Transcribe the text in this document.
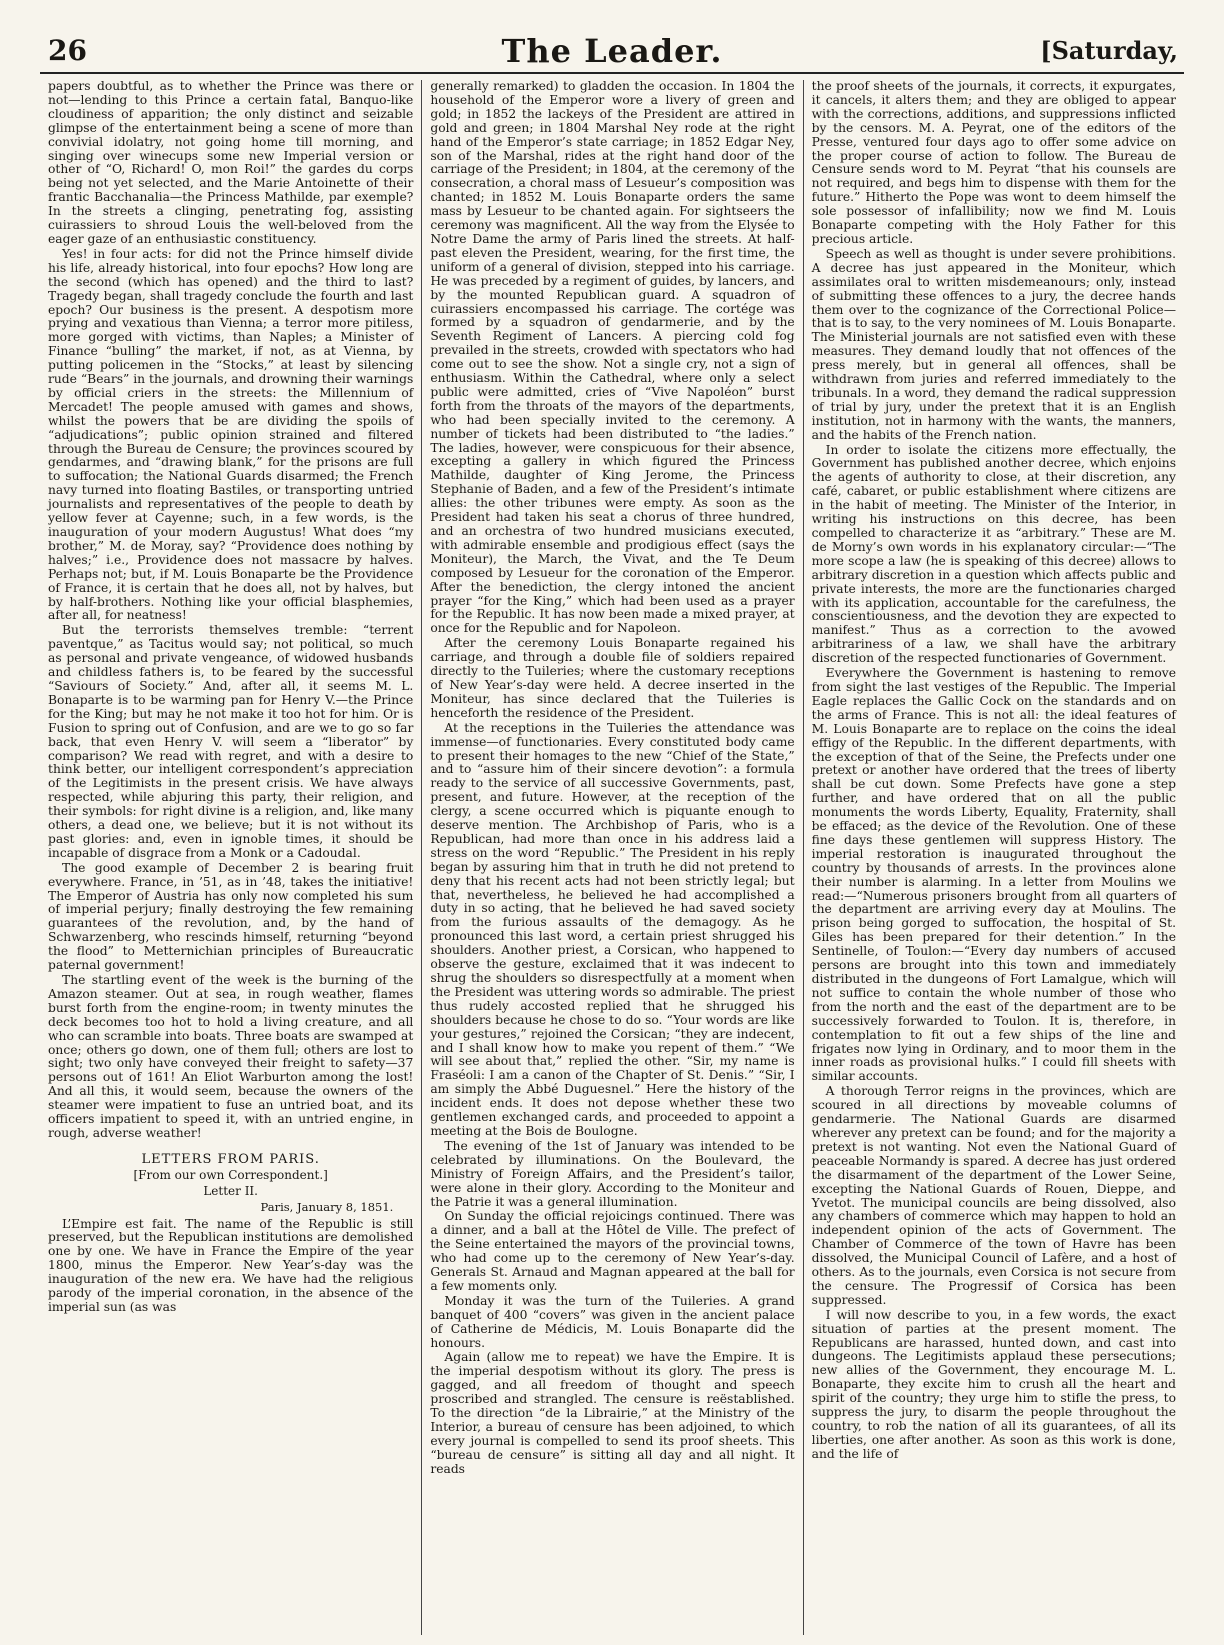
26	The Leader.	[Saturday,

papers doubtful, as to whether the Prince was there or not—lending to this Prince a certain fatal, Banquo-like cloudiness of apparition; the only distinct and seizable glimpse of the entertainment being a scene of more than convivial idolatry, not going home till morning, and singing over winecups some new Imperial version or other of “O, Richard! O, mon Roi!” the gardes du corps being not yet selected, and the Marie Antoinette of their frantic Bacchanalia—the Princess Mathilde, par exemple? In the streets a clinging, penetrating fog, assisting cuirassiers to shroud Louis the well-beloved from the eager gaze of an enthusiastic constituency.

Yes! in four acts: for did not the Prince himself divide his life, already historical, into four epochs? How long are the second (which has opened) and the third to last? Tragedy began, shall tragedy conclude the fourth and last epoch? Our business is the present. A despotism more prying and vexatious than Vienna; a terror more pitiless, more gorged with victims, than Naples; a Minister of Finance “bulling” the market, if not, as at Vienna, by putting policemen in the “Stocks,” at least by silencing rude “Bears” in the journals, and drowning their warnings by official criers in the streets: the Millennium of Mercadet! The people amused with games and shows, whilst the powers that be are dividing the spoils of “adjudications”; public opinion strained and filtered through the Bureau de Censure; the provinces scoured by gendarmes, and “drawing blank,” for the prisons are full to suffocation; the National Guards disarmed; the French navy turned into floating Bastiles, or transporting untried journalists and representatives of the people to death by yellow fever at Cayenne; such, in a few words, is the inauguration of your modern Augustus! What does “my brother,” M. de Moray, say? “Providence does nothing by halves;” i.e., Providence does not massacre by halves. Perhaps not; but, if M. Louis Bonaparte be the Providence of France, it is certain that he does all, not by halves, but by half-brothers. Nothing like your official blasphemies, after all, for neatness!

But the terrorists themselves tremble: “terrent paventque,” as Tacitus would say; not political, so much as personal and private vengeance, of widowed husbands and childless fathers is, to be feared by the successful “Saviours of Society.” And, after all, it seems M. L. Bonaparte is to be warming pan for Henry V.—the Prince for the King; but may he not make it too hot for him. Or is Fusion to spring out of Confusion, and are we to go so far back, that even Henry V. will seem a “liberator” by comparison? We read with regret, and with a desire to think better, our intelligent correspondent’s appreciation of the Legitimists in the present crisis. We have always respected, while abjuring this party, their religion, and their symbols: for right divine is a religion, and, like many others, a dead one, we believe; but it is not without its past glories: and, even in ignoble times, it should be incapable of disgrace from a Monk or a Cadoudal.

The good example of December 2 is bearing fruit everywhere. France, in ’51, as in ’48, takes the initiative! The Emperor of Austria has only now completed his sum of imperial perjury; finally destroying the few remaining guarantees of the revolution, and, by the hand of Schwarzenberg, who rescinds himself, returning “beyond the flood” to Metternichian principles of Bureaucratic paternal government!

The startling event of the week is the burning of the Amazon steamer. Out at sea, in rough weather, flames burst forth from the engine-room; in twenty minutes the deck becomes too hot to hold a living creature, and all who can scramble into boats. Three boats are swamped at once; others go down, one of them full; others are lost to sight; two only have conveyed their freight to safety—37 persons out of 161! An Eliot Warburton among the lost! And all this, it would seem, because the owners of the steamer were impatient to fuse an untried boat, and its officers impatient to speed it, with an untried engine, in rough, adverse weather!

LETTERS FROM PARIS.
[From our own Correspondent.]
Letter II.
Paris, January 8, 1851.

L’Empire est fait. The name of the Republic is still preserved, but the Republican institutions are demolished one by one. We have in France the Empire of the year 1800, minus the Emperor. New Year’s-day was the inauguration of the new era. We have had the religious parody of the imperial coronation, in the absence of the imperial sun (as was

generally remarked) to gladden the occasion. In 1804 the household of the Emperor wore a livery of green and gold; in 1852 the lackeys of the President are attired in gold and green; in 1804 Marshal Ney rode at the right hand of the Emperor’s state carriage; in 1852 Edgar Ney, son of the Marshal, rides at the right hand door of the carriage of the President; in 1804, at the ceremony of the consecration, a choral mass of Lesueur’s composition was chanted; in 1852 M. Louis Bonaparte orders the same mass by Lesueur to be chanted again. For sightseers the ceremony was magnificent. All the way from the Elysée to Notre Dame the army of Paris lined the streets. At half-past eleven the President, wearing, for the first time, the uniform of a general of division, stepped into his carriage. He was preceded by a regiment of guides, by lancers, and by the mounted Republican guard. A squadron of cuirassiers encompassed his carriage. The cortége was formed by a squadron of gendarmerie, and by the Seventh Regiment of Lancers. A piercing cold fog prevailed in the streets, crowded with spectators who had come out to see the show. Not a single cry, not a sign of enthusiasm. Within the Cathedral, where only a select public were admitted, cries of “Vive Napoléon” burst forth from the throats of the mayors of the departments, who had been specially invited to the ceremony. A number of tickets had been distributed to “the ladies.” The ladies, however, were conspicuous for their absence, excepting a gallery in which figured the Princess Mathilde, daughter of King Jerome, the Princess Stephanie of Baden, and a few of the President’s intimate allies: the other tribunes were empty. As soon as the President had taken his seat a chorus of three hundred, and an orchestra of two hundred musicians executed, with admirable ensemble and prodigious effect (says the Moniteur), the March, the Vivat, and the Te Deum composed by Lesueur for the coronation of the Emperor. After the benediction, the clergy intoned the ancient prayer “for the King,” which had been used as a prayer for the Republic. It has now been made a mixed prayer, at once for the Republic and for Napoleon.

After the ceremony Louis Bonaparte regained his carriage, and through a double file of soldiers repaired directly to the Tuileries; where the customary receptions of New Year’s-day were held. A decree inserted in the Moniteur, has since declared that the Tuileries is henceforth the residence of the President.

At the receptions in the Tuileries the attendance was immense—of functionaries. Every constituted body came to present their homages to the new “Chief of the State,” and to “assure him of their sincere devotion”: a formula ready to the service of all successive Governments, past, present, and future. However, at the reception of the clergy, a scene occurred which is piquante enough to deserve mention. The Archbishop of Paris, who is a Republican, had more than once in his address laid a stress on the word “Republic.” The President in his reply began by assuring him that in truth he did not pretend to deny that his recent acts had not been strictly legal; but that, nevertheless, he believed he had accomplished a duty in so acting, that he believed he had saved society from the furious assaults of the demagogy. As he pronounced this last word, a certain priest shrugged his shoulders. Another priest, a Corsican, who happened to observe the gesture, exclaimed that it was indecent to shrug the shoulders so disrespectfully at a moment when the President was uttering words so admirable. The priest thus rudely accosted replied that he shrugged his shoulders because he chose to do so. “Your words are like your gestures,” rejoined the Corsican; “they are indecent, and I shall know how to make you repent of them.” “We will see about that,” replied the other. “Sir, my name is Fraséoli: I am a canon of the Chapter of St. Denis.” “Sir, I am simply the Abbé Duguesnel.” Here the history of the incident ends. It does not depose whether these two gentlemen exchanged cards, and proceeded to appoint a meeting at the Bois de Boulogne.

The evening of the 1st of January was intended to be celebrated by illuminations. On the Boulevard, the Ministry of Foreign Affairs, and the President’s tailor, were alone in their glory. According to the Moniteur and the Patrie it was a general illumination.

On Sunday the official rejoicings continued. There was a dinner, and a ball at the Hôtel de Ville. The prefect of the Seine entertained the mayors of the provincial towns, who had come up to the ceremony of New Year’s-day. Generals St. Arnaud and Magnan appeared at the ball for a few moments only.

Monday it was the turn of the Tuileries. A grand banquet of 400 “covers” was given in the ancient palace of Catherine de Médicis, M. Louis Bonaparte did the honours.

Again (allow me to repeat) we have the Empire. It is the imperial despotism without its glory. The press is gagged, and all freedom of thought and speech proscribed and strangled. The censure is reëstablished. To the direction “de la Librairie,” at the Ministry of the Interior, a bureau of censure has been adjoined, to which every journal is compelled to send its proof sheets. This “bureau de censure” is sitting all day and all night. It reads

the proof sheets of the journals, it corrects, it expurgates, it cancels, it alters them; and they are obliged to appear with the corrections, additions, and suppressions inflicted by the censors. M. A. Peyrat, one of the editors of the Presse, ventured four days ago to offer some advice on the proper course of action to follow. The Bureau de Censure sends word to M. Peyrat “that his counsels are not required, and begs him to dispense with them for the future.” Hitherto the Pope was wont to deem himself the sole possessor of infallibility; now we find M. Louis Bonaparte competing with the Holy Father for this precious article.

Speech as well as thought is under severe prohibitions. A decree has just appeared in the Moniteur, which assimilates oral to written misdemeanours; only, instead of submitting these offences to a jury, the decree hands them over to the cognizance of the Correctional Police—that is to say, to the very nominees of M. Louis Bonaparte. The Ministerial journals are not satisfied even with these measures. They demand loudly that not offences of the press merely, but in general all offences, shall be withdrawn from juries and referred immediately to the tribunals. In a word, they demand the radical suppression of trial by jury, under the pretext that it is an English institution, not in harmony with the wants, the manners, and the habits of the French nation.

In order to isolate the citizens more effectually, the Government has published another decree, which enjoins the agents of authority to close, at their discretion, any café, cabaret, or public establishment where citizens are in the habit of meeting. The Minister of the Interior, in writing his instructions on this decree, has been compelled to characterize it as “arbitrary.” These are M. de Morny’s own words in his explanatory circular:—“The more scope a law (he is speaking of this decree) allows to arbitrary discretion in a question which affects public and private interests, the more are the functionaries charged with its application, accountable for the carefulness, the conscientiousness, and the devotion they are expected to manifest.” Thus as a correction to the avowed arbitrariness of a law, we shall have the arbitrary discretion of the respected functionaries of Government.

Everywhere the Government is hastening to remove from sight the last vestiges of the Republic. The Imperial Eagle replaces the Gallic Cock on the standards and on the arms of France. This is not all: the ideal features of M. Louis Bonaparte are to replace on the coins the ideal effigy of the Republic. In the different departments, with the exception of that of the Seine, the Prefects under one pretext or another have ordered that the trees of liberty shall be cut down. Some Prefects have gone a step further, and have ordered that on all the public monuments the words Liberty, Equality, Fraternity, shall be effaced; as the device of the Revolution. One of these fine days these gentlemen will suppress History. The imperial restoration is inaugurated throughout the country by thousands of arrests. In the provinces alone their number is alarming. In a letter from Moulins we read:—“Numerous prisoners brought from all quarters of the department are arriving every day at Moulins. The prison being gorged to suffocation, the hospital of St. Giles has been prepared for their detention.” In the Sentinelle, of Toulon:—“Every day numbers of accused persons are brought into this town and immediately distributed in the dungeons of Fort Lamalgue, which will not suffice to contain the whole number of those who from the north and the east of the department are to be successively forwarded to Toulon. It is, therefore, in contemplation to fit out a few ships of the line and frigates now lying in Ordinary, and to moor them in the inner roads as provisional hulks.” I could fill sheets with similar accounts.

A thorough Terror reigns in the provinces, which are scoured in all directions by moveable columns of gendarmerie. The National Guards are disarmed wherever any pretext can be found; and for the majority a pretext is not wanting. Not even the National Guard of peaceable Normandy is spared. A decree has just ordered the disarmament of the department of the Lower Seine, excepting the National Guards of Rouen, Dieppe, and Yvetot. The municipal councils are being dissolved, also any chambers of commerce which may happen to hold an independent opinion of the acts of Government. The Chamber of Commerce of the town of Havre has been dissolved, the Municipal Council of Lafère, and a host of others. As to the journals, even Corsica is not secure from the censure. The Progressif of Corsica has been suppressed.

I will now describe to you, in a few words, the exact situation of parties at the present moment. The Republicans are harassed, hunted down, and cast into dungeons. The Legitimists applaud these persecutions; new allies of the Government, they encourage M. L. Bonaparte, they excite him to crush all the heart and spirit of the country; they urge him to stifle the press, to suppress the jury, to disarm the people throughout the country, to rob the nation of all its guarantees, of all its liberties, one after another. As soon as this work is done, and the life of
